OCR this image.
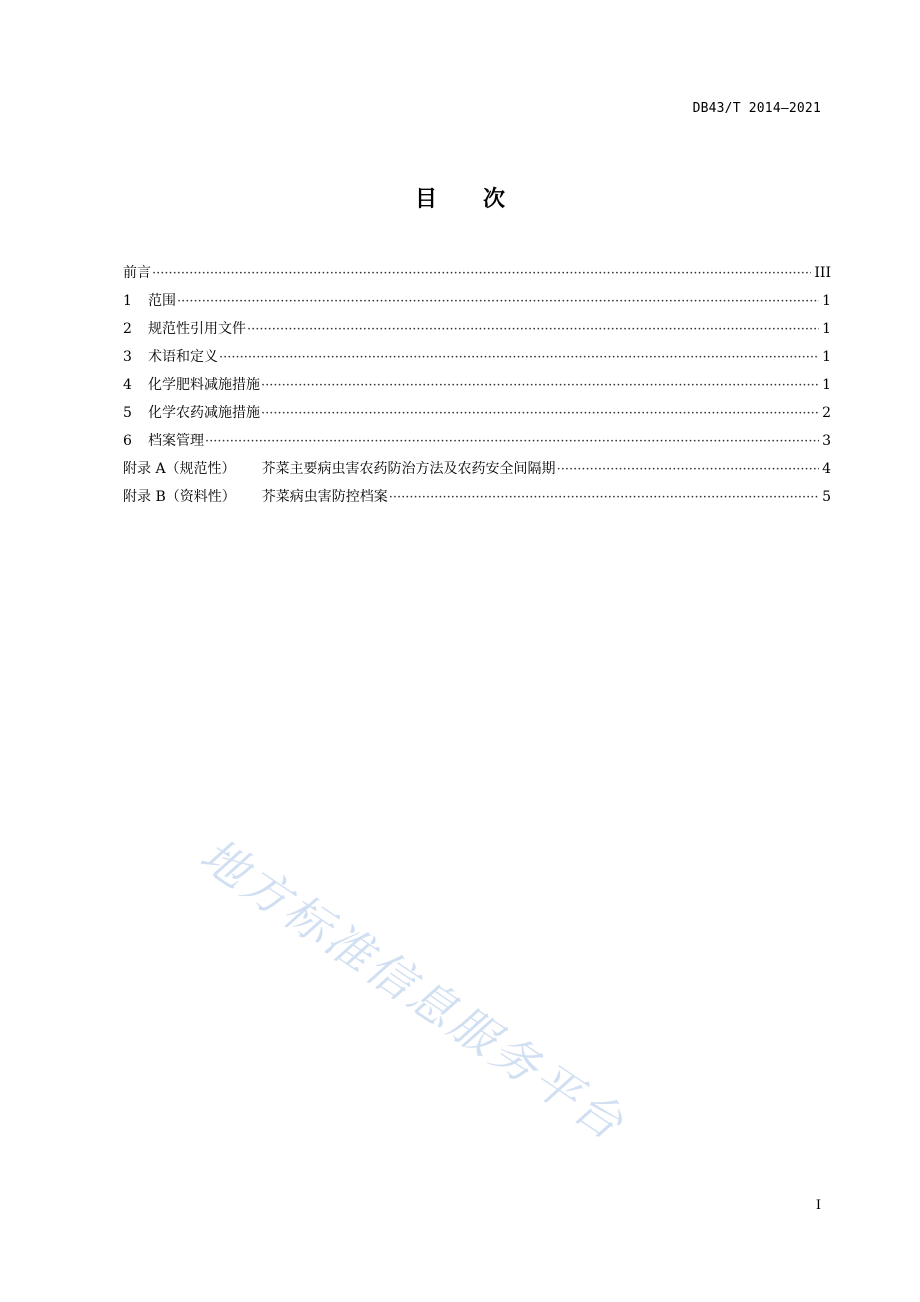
DB43/T 2014—2021
目 次
前言 ·····	III
1	范围 ·····	1
2	规范性引用文件 ·····	1
3	术语和定义 ·····	1
4	化学肥料减施措施 ·····	1
5	化学农药减施措施 ·····	2
6	档案管理 ·····	3
附录 A（规范性） 芥菜主要病虫害农药防治方法及农药安全间隔期 ·····	4
附录 B（资料性） 芥菜病虫害防控档案 ·····	5
地方标准信息服务平台
I
